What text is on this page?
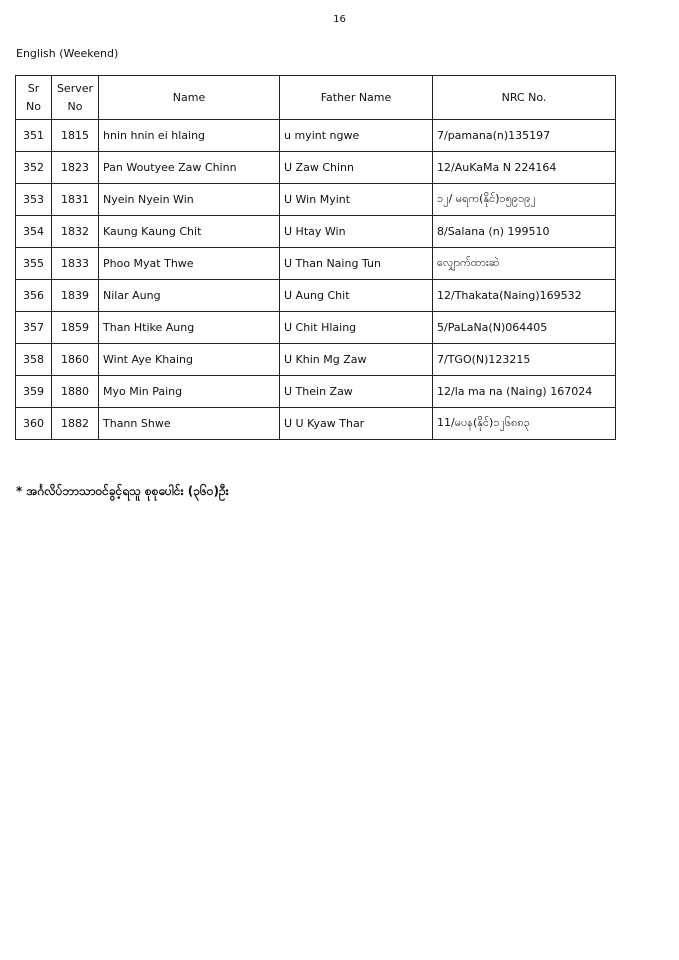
16
English (Weekend)
Sr No	Server No	Name	Father Name	NRC No.
351	1815	hnin hnin ei hlaing	u myint ngwe	7/pamana(n)135197
352	1823	Pan Woutyee Zaw Chinn	U Zaw Chinn	12/AuKaMa N 224164
353	1831	Nyein Nyein Win	U Win Myint	၁၂/ မရက(နိုင်)၁၅၉၁၉၂
354	1832	Kaung Kaung Chit	U Htay Win	8/Salana (n) 199510
355	1833	Phoo Myat Thwe	U Than Naing Tun	လျှောက်ထားဆဲ
356	1839	Nilar Aung	U Aung Chit	12/Thakata(Naing)169532
357	1859	Than Htike Aung	U Chit Hlaing	5/PaLaNa(N)064405
358	1860	Wint Aye Khaing	U Khin Mg Zaw	7/TGO(N)123215
359	1880	Myo Min Paing	U Thein Zaw	12/la ma na (Naing) 167024
360	1882	Thann Shwe	U U Kyaw Thar	11/မပန(နိုင်)၁၂၆၈၈၃
* အင်္ဂလိပ်ဘာသာဝင်ခွင့်ရသူ စုစုပေါင်း (၃၆၀)ဦး
